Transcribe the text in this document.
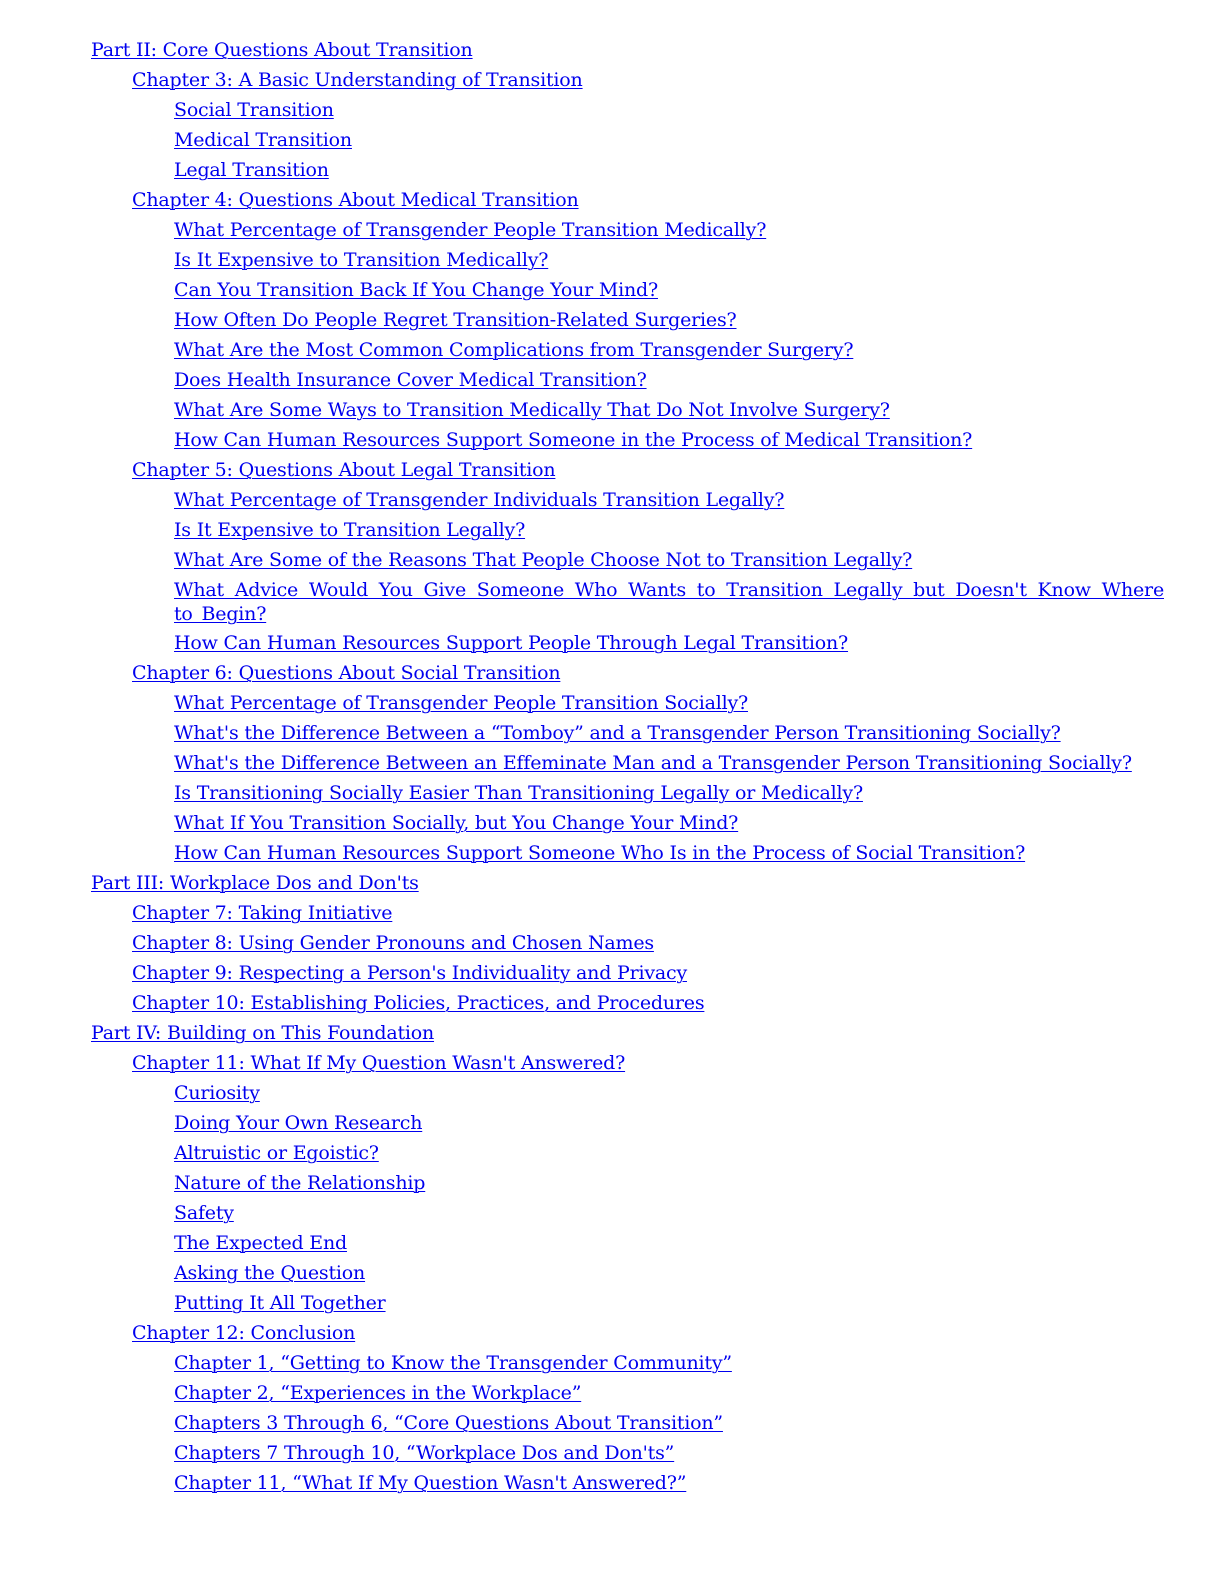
Part II: Core Questions About Transition
Chapter 3: A Basic Understanding of Transition
Social Transition
Medical Transition
Legal Transition
Chapter 4: Questions About Medical Transition
What Percentage of Transgender People Transition Medically?
Is It Expensive to Transition Medically?
Can You Transition Back If You Change Your Mind?
How Often Do People Regret Transition-Related Surgeries?
What Are the Most Common Complications from Transgender Surgery?
Does Health Insurance Cover Medical Transition?
What Are Some Ways to Transition Medically That Do Not Involve Surgery?
How Can Human Resources Support Someone in the Process of Medical Transition?
Chapter 5: Questions About Legal Transition
What Percentage of Transgender Individuals Transition Legally?
Is It Expensive to Transition Legally?
What Are Some of the Reasons That People Choose Not to Transition Legally?
What Advice Would You Give Someone Who Wants to Transition Legally but Doesn't Know Where to Begin?
How Can Human Resources Support People Through Legal Transition?
Chapter 6: Questions About Social Transition
What Percentage of Transgender People Transition Socially?
What's the Difference Between a “Tomboy” and a Transgender Person Transitioning Socially?
What's the Difference Between an Effeminate Man and a Transgender Person Transitioning Socially?
Is Transitioning Socially Easier Than Transitioning Legally or Medically?
What If You Transition Socially, but You Change Your Mind?
How Can Human Resources Support Someone Who Is in the Process of Social Transition?
Part III: Workplace Dos and Don'ts
Chapter 7: Taking Initiative
Chapter 8: Using Gender Pronouns and Chosen Names
Chapter 9: Respecting a Person's Individuality and Privacy
Chapter 10: Establishing Policies, Practices, and Procedures
Part IV: Building on This Foundation
Chapter 11: What If My Question Wasn't Answered?
Curiosity
Doing Your Own Research
Altruistic or Egoistic?
Nature of the Relationship
Safety
The Expected End
Asking the Question
Putting It All Together
Chapter 12: Conclusion
Chapter 1, “Getting to Know the Transgender Community”
Chapter 2, “Experiences in the Workplace”
Chapters 3 Through 6, “Core Questions About Transition”
Chapters 7 Through 10, “Workplace Dos and Don'ts”
Chapter 11, “What If My Question Wasn't Answered?”
